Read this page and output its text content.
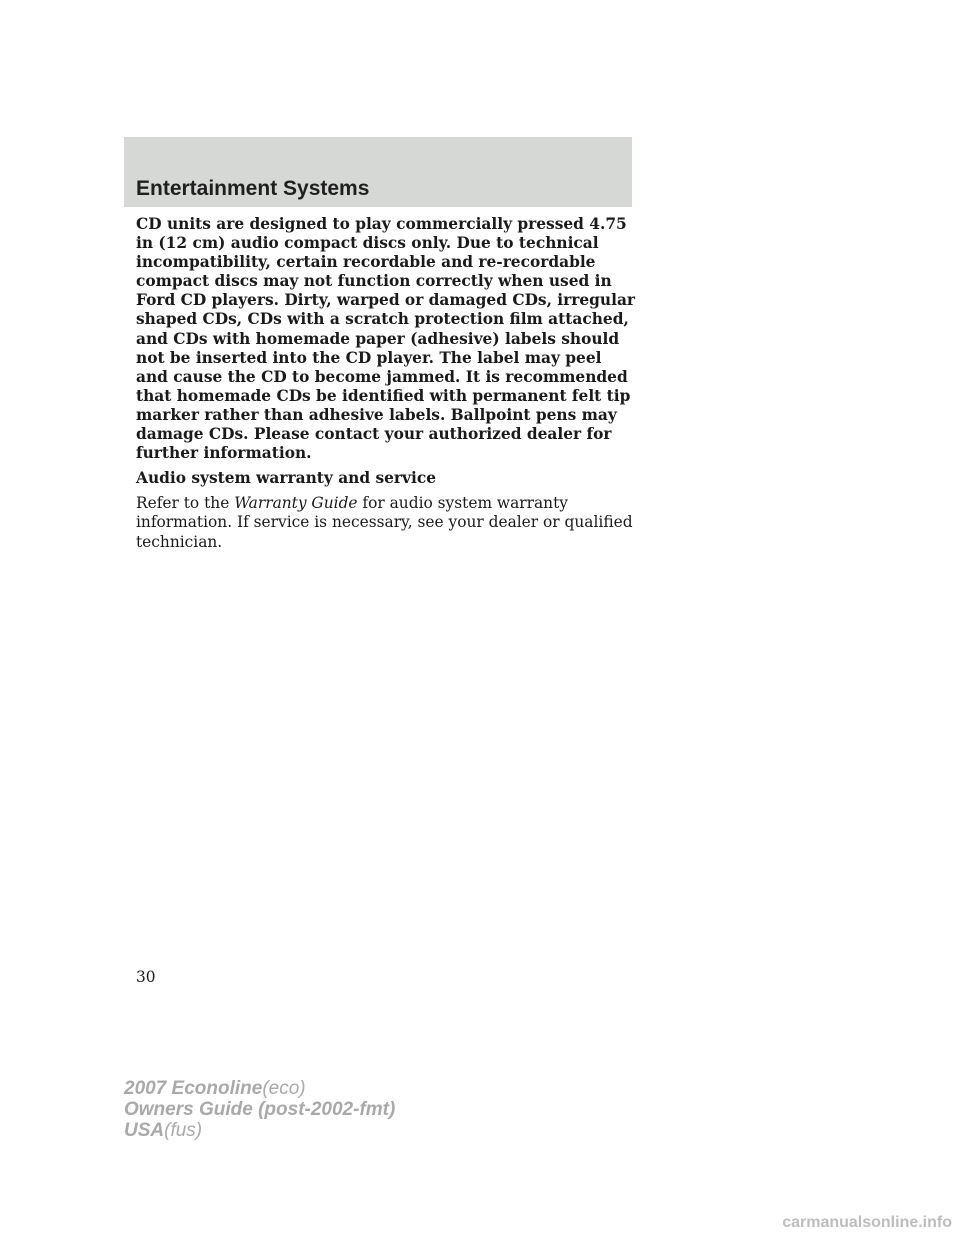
Entertainment Systems

CD units are designed to play commercially pressed 4.75 in (12 cm) audio compact discs only. Due to technical incompatibility, certain recordable and re-recordable compact discs may not function correctly when used in Ford CD players. Dirty, warped or damaged CDs, irregular shaped CDs, CDs with a scratch protection film attached, and CDs with homemade paper (adhesive) labels should not be inserted into the CD player. The label may peel and cause the CD to become jammed. It is recommended that homemade CDs be identified with permanent felt tip marker rather than adhesive labels. Ballpoint pens may damage CDs. Please contact your authorized dealer for further information.

Audio system warranty and service

Refer to the Warranty Guide for audio system warranty information. If service is necessary, see your dealer or qualified technician.

30
2007 Econoline(eco)
Owners Guide (post-2002-fmt)
USA(fus)
carmanualsonline.info
